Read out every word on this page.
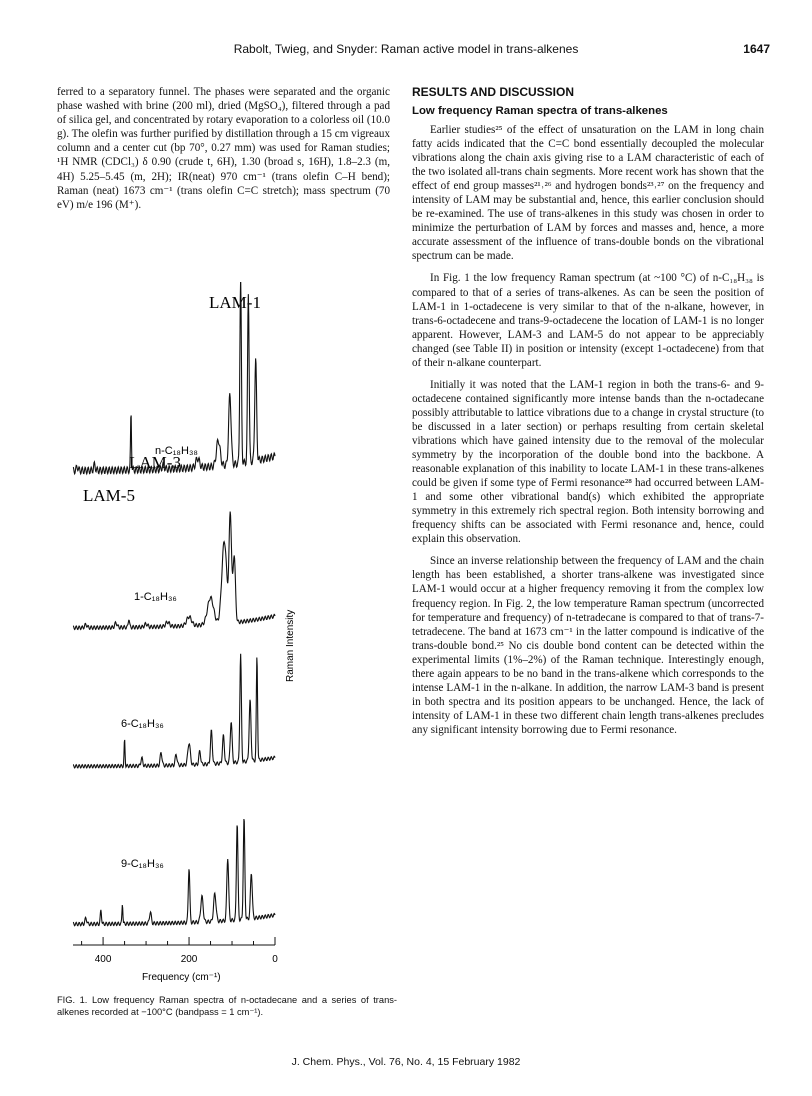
Rabolt, Twieg, and Snyder: Raman active model in trans-alkenes	1647

ferred to a separatory funnel. The phases were separated and the organic phase washed with brine (200 ml), dried (MgSO₄), filtered through a pad of silica gel, and concentrated by rotary evaporation to a colorless oil (10.0 g). The olefin was further purified by distillation through a 15 cm vigreaux column and a center cut (bp 70°, 0.27 mm) was used for Raman studies; ¹H NMR (CDCl₃) δ 0.90 (crude t, 6H), 1.30 (broad s, 16H), 1.8–2.3 (m, 4H) 5.25–5.45 (m, 2H); IR(neat) 970 cm⁻¹ (trans olefin C–H bend); Raman (neat) 1673 cm⁻¹ (trans olefin C=C stretch); mass spectrum (70 eV) m/e 196 (M⁺).

LAM-1
LAM-3
LAM-5
n-C₁₈H₃₈
1-C₁₈H₃₆
6-C₁₈H₃₆
9-C₁₈H₃₆
Raman Intensity
400	200	0
Frequency (cm⁻¹)
FIG. 1. Low frequency Raman spectra of n-octadecane and a series of trans-alkenes recorded at −100°C (bandpass = 1 cm⁻¹).
RESULTS AND DISCUSSION
Low frequency Raman spectra of trans-alkenes

Earlier studies²⁵ of the effect of unsaturation on the LAM in long chain fatty acids indicated that the C=C bond essentially decoupled the molecular vibrations along the chain axis giving rise to a LAM characteristic of each of the two isolated all-trans chain segments. More recent work has shown that the effect of end group masses²¹˒²⁶ and hydrogen bonds²³˒²⁷ on the frequency and intensity of LAM may be substantial and, hence, this earlier conclusion should be re-examined. The use of trans-alkenes in this study was chosen in order to minimize the perturbation of LAM by forces and masses and, hence, a more accurate assessment of the influence of trans-double bonds on the vibrational spectrum can be made.

In Fig. 1 the low frequency Raman spectrum (at ~100 °C) of n-C₁₈H₃₈ is compared to that of a series of trans-alkenes. As can be seen the position of LAM-1 in 1-octadecene is very similar to that of the n-alkane, however, in trans-6-octadecene and trans-9-octadecene the location of LAM-1 is no longer apparent. However, LAM-3 and LAM-5 do not appear to be appreciably changed (see Table II) in position or intensity (except 1-octadecene) from that of their n-alkane counterpart.

Initially it was noted that the LAM-1 region in both the trans-6- and 9-octadecene contained significantly more intense bands than the n-octadecane possibly attributable to lattice vibrations due to a change in crystal structure (to be discussed in a later section) or perhaps resulting from certain skeletal vibrations which have gained intensity due to the removal of the molecular symmetry by the incorporation of the double bond into the backbone. A reasonable explanation of this inability to locate LAM-1 in these trans-alkenes could be given if some type of Fermi resonance²⁸ had occurred between LAM-1 and some other vibrational band(s) which exhibited the appropriate symmetry in this extremely rich spectral region. Both intensity borrowing and frequency shifts can be associated with Fermi resonance and, hence, could explain this observation.

Since an inverse relationship between the frequency of LAM and the chain length has been established, a shorter trans-alkene was investigated since LAM-1 would occur at a higher frequency removing it from the complex low frequency region. In Fig. 2, the low temperature Raman spectrum (uncorrected for temperature and frequency) of n-tetradecane is compared to that of trans-7-tetradecene. The band at 1673 cm⁻¹ in the latter compound is indicative of the trans-double bond.²⁵ No cis double bond content can be detected within the experimental limits (1%–2%) of the Raman technique. Interestingly enough, there again appears to be no band in the trans-alkene which corresponds to the intense LAM-1 in the n-alkane. In addition, the narrow LAM-3 band is present in both spectra and its position appears to be unchanged. Hence, the lack of intensity of LAM-1 in these two different chain length trans-alkenes precludes any significant intensity borrowing due to Fermi resonance.

J. Chem. Phys., Vol. 76, No. 4, 15 February 1982
